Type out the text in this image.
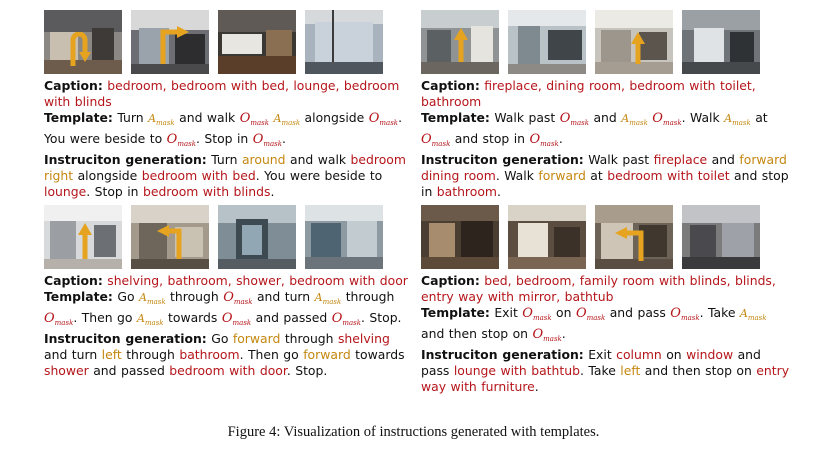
Caption: bedroom, bedroom with bed, lounge, bedroom with blinds
Template: Turn $A_{mask}$ and walk $O_{mask}$ $A_{mask}$ alongside $O_{mask}$. You were beside to $O_{mask}$. Stop in $O_{mask}$.
Instruciton generation: Turn around and walk bedroom right alongside bedroom with bed. You were beside to lounge. Stop in bedroom with blinds.
Caption: fireplace, dining room, bedroom with toilet, bathroom
Template: Walk past $O_{mask}$ and $A_{mask}$ $O_{mask}$. Walk $A_{mask}$ at $O_{mask}$ and stop in $O_{mask}$.
Instruciton generation: Walk past fireplace and forward dining room. Walk forward at bedroom with toilet and stop in bathroom.
Caption: shelving, bathroom, shower, bedroom with door
Template: Go $A_{mask}$ through $O_{mask}$ and turn $A_{mask}$ through $O_{mask}$. Then go $A_{mask}$ towards $O_{mask}$ and passed $O_{mask}$. Stop.
Instruciton generation: Go forward through shelving and turn left through bathroom. Then go forward towards shower and passed bedroom with door. Stop.
Caption: bed, bedroom, family room with blinds, blinds, entry way with mirror, bathtub
Template: Exit $O_{mask}$ on $O_{mask}$ and pass $O_{mask}$. Take $A_{mask}$ and then stop on $O_{mask}$.
Instruciton generation: Exit column on window and pass lounge with bathtub. Take left and then stop on entry way with furniture.
Figure 4: Visualization of instructions generated with templates.
